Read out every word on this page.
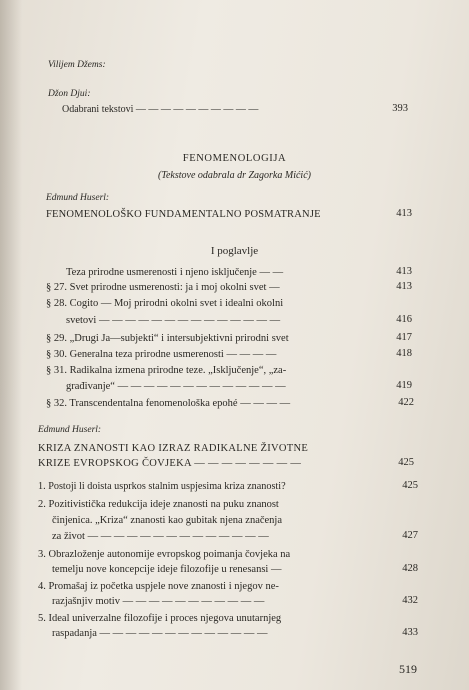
Vilijem Džems:
Džon Djui:
Odabrani tekstovi — — — — — — — — — —	393
FENOMENOLOGIJA
(Tekstove odabrala dr Zagorka Mićić)
Edmund Huserl:
FENOMENOLOŠKO FUNDAMENTALNO POSMATRANJE	413
I poglavlje
Teza prirodne usmerenosti i njeno isključenje — —	413
§ 27. Svet prirodne usmerenosti: ja i moj okolni svet —	413
§ 28. Cogito — Moj prirodni okolni svet i idealni okolni
svetovi — — — — — — — — — — — — — —	416
§ 29. „Drugi Ja—subjekti“ i intersubjektivni prirodni svet	417
§ 30. Generalna teza prirodne usmerenosti — — — —	418
§ 31. Radikalna izmena prirodne teze. „Isključenje“, „za-
građivanje“ — — — — — — — — — — — — —	419
§ 32. Transcendentalna fenomenološka epohé — — — —	422
Edmund Huserl:
KRIZA ZNANOSTI KAO IZRAZ RADIKALNE ŽIVOTNE
KRIZE EVROPSKOG ČOVJEKA — — — — — — — —	425
1. Postoji li doista usprkos stalnim uspjesima kriza znanosti?	425
2. Pozitivistička redukcija ideje znanosti na puku znanost
činjenica. „Kriza“ znanosti kao gubitak njena značenja
za život — — — — — — — — — — — — — —	427
3. Obrazloženje autonomije evropskog poimanja čovjeka na
temelju nove koncepcije ideje filozofije u renesansi —	428
4. Promašaj iz početka uspjele nove znanosti i njegov ne-
razjašnjiv motiv — — — — — — — — — — —	432
5. Ideal univerzalne filozofije i proces njegova unutarnjeg
raspadanja — — — — — — — — — — — — —	433
519
